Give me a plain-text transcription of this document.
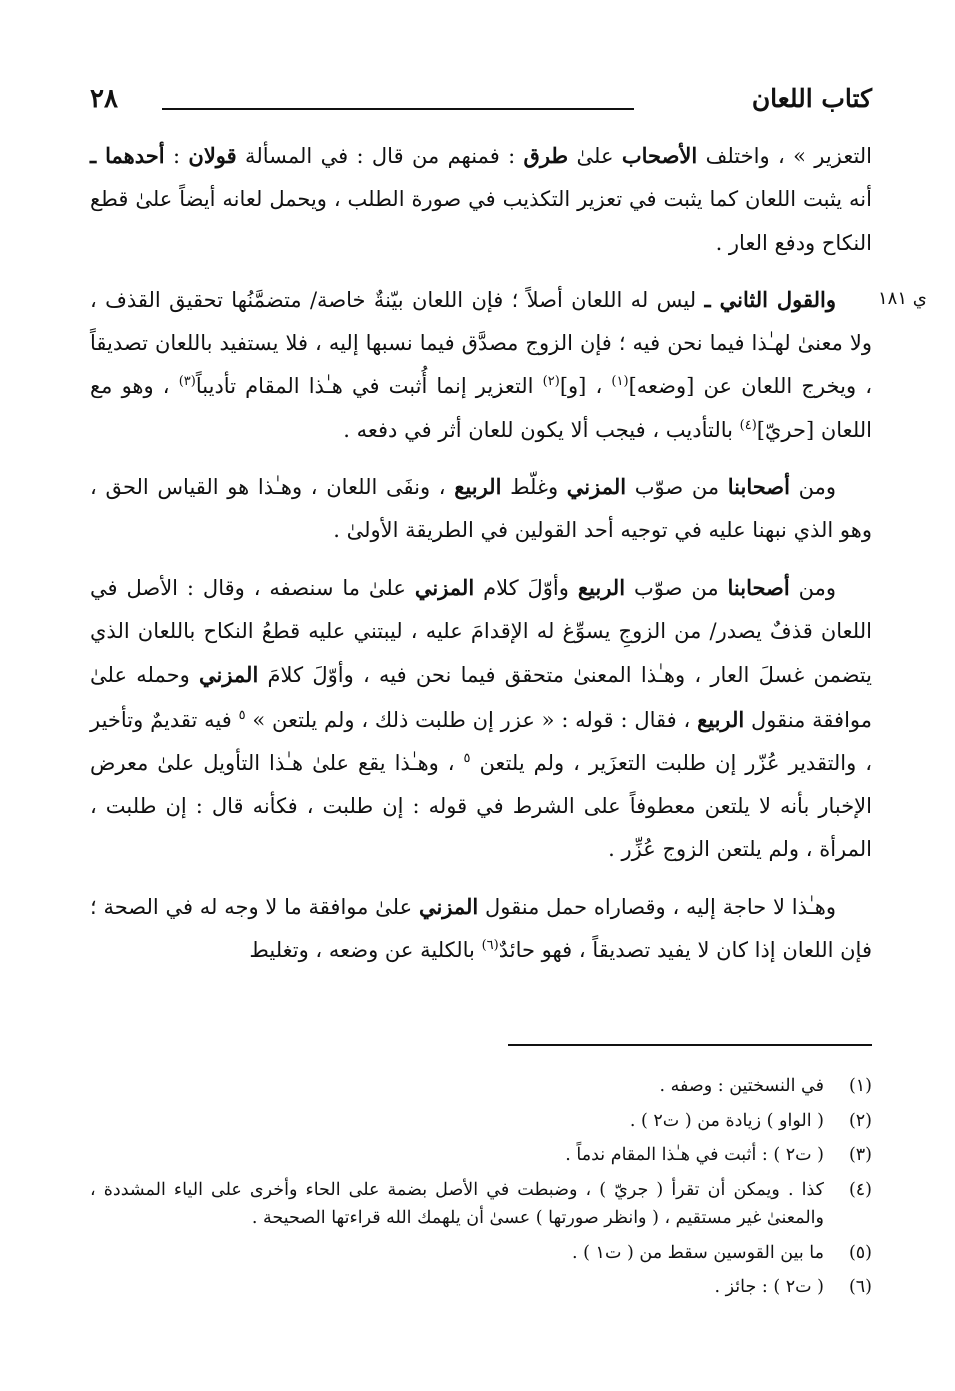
كتاب اللعان
٢٨
ي ١٨١

التعزير » ، واختلف الأصحاب علىٰ طرق : فمنهم من قال : في المسألة قولان : أحدهما ـ أنه يثبت اللعان كما يثبت في تعزير التكذيب في صورة الطلب ، ويحمل لعانه أيضاً علىٰ قطع النكاح ودفع العار .

والقول الثاني ـ ليس له اللعان أصلاً ؛ فإن اللعان بيّنةٌ خاصة/ متضمَّنُها تحقيق القذف ، ولا معنىٰ لهـٰذا فيما نحن فيه ؛ فإن الزوج مصدَّق فيما نسبها إليه ، فلا يستفيد باللعان تصديقاً ، ويخرج اللعان عن [وضعه]$^{(١)}$ ، [و]$^{(٢)}$ التعزير إنما أُثبت في هـٰذا المقام تأديباً$^{(٣)}$ ، وهو مع اللعان [حريّ]$^{(٤)}$ بالتأديب ، فيجب ألا يكون للعان أثر في دفعه .

ومن أصحابنا من صوّب المزني وغلّط الربيع ، ونفَى اللعان ، وهـٰذا هو القياس الحق ، وهو الذي نبهنا عليه في توجيه أحد القولين في الطريقة الأولىٰ .

ومن أصحابنا من صوّب الربيع وأوّلَ كلام المزني علىٰ ما سنصفه ، وقال : الأصل في اللعان قذفٌ يصدر/ من الزوجِ يسوِّغ له الإقدامَ عليه ، ليبتني عليه قطعُ النكاح باللعان الذي يتضمن غسلَ العار ، وهـٰذا المعنىٰ متحقق فيما نحن فيه ، وأوّلَ كلامَ المزني وحمله علىٰ موافقة منقول الربيع ، فقال : قوله : « عزر إن طلبت ذلك ، ولم يلتعن » $^٥$ فيه تقديمٌ وتأخير ، والتقدير عُزّر إن طلبت التعزَير ، ولم يلتعن $^٥$ ، وهـٰذا يقع علىٰ هـٰذا التأويل علىٰ معرض الإخبار بأنه لا يلتعن معطوفاً على الشرط في قوله : إن طلبت ، فكأنه قال : إن طلبت ، المرأة ، ولم يلتعن الزوج عُزِّر .

وهـٰذا لا حاجة إليه ، وقصاراه حمل منقول المزني علىٰ موافقة ما لا وجه له في الصحة ؛ فإن اللعان إذا كان لا يفيد تصديقاً ، فهو حائدٌ$^{(٦)}$ بالكلية عن وضعه ، وتغليط

(١)
في النسختين : وصفه .
(٢)
( الواو ) زيادة من ( ت٢ ) .
(٣)
( ت٢ ) : أثبت في هـٰذا المقام ندماً .
(٤)
كذا . ويمكن أن تقرأ ( جريّ ) ، وضبطت في الأصل بضمة على الحاء وأخرى على الياء المشددة ، والمعنىٰ غير مستقيم ، ( وانظر صورتها ) عسىٰ أن يلهمك الله قراءتها الصحيحة .
(٥)
ما بين القوسين سقط من ( ت١ ) .
(٦)
( ت٢ ) : جائز .
